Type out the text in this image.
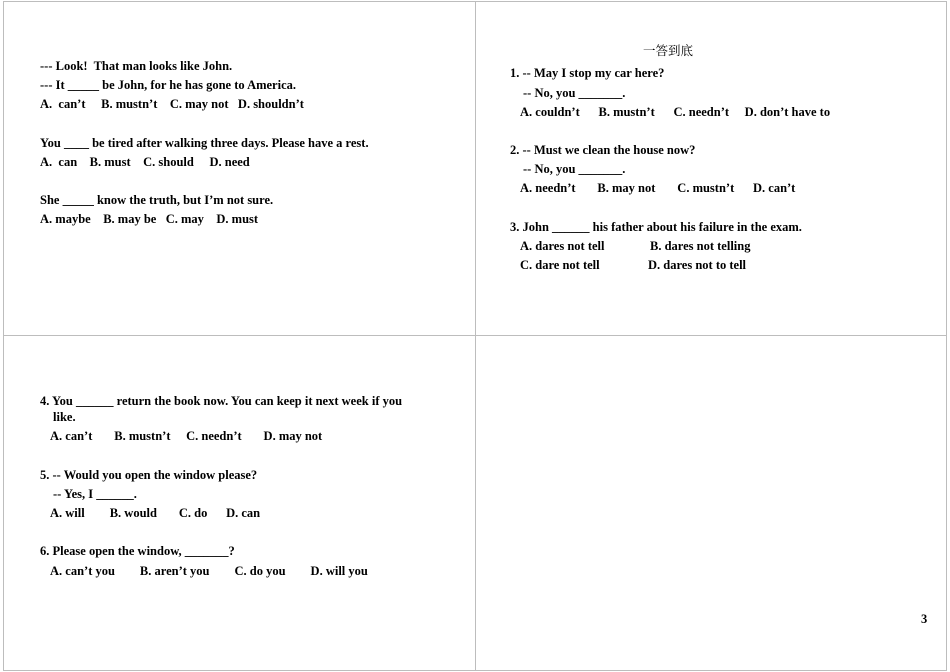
--- Look!  That man looks like John.
--- It _____ be John, for he has gone to America.
A.  can’t     B. mustn’t    C. may not   D. shouldn’t
You ____ be tired after walking three days. Please have a rest.
A.  can    B. must    C. should     D. need
She _____ know the truth, but I’m not sure.
A. maybe    B. may be   C. may    D. must
一答到底
1. -- May I stop my car here?
-- No, you _______.
A. couldn’t      B. mustn’t      C. needn’t     D. don’t have to
2. -- Must we clean the house now?
-- No, you _______.
A. needn’t       B. may not       C. mustn’t      D. can’t
3. John ______ his father about his failure in the exam.
A. dares not tell	B. dares not telling
C. dare not tell	D. dares not to tell
4. You ______ return the book now. You can keep it next week if you
like.
A. can’t       B. mustn’t     C. needn’t       D. may not
5. -- Would you open the window please?
-- Yes, I ______.
A. will        B. would       C. do      D. can
6. Please open the window, _______?
A. can’t you        B. aren’t you        C. do you        D. will you
3
